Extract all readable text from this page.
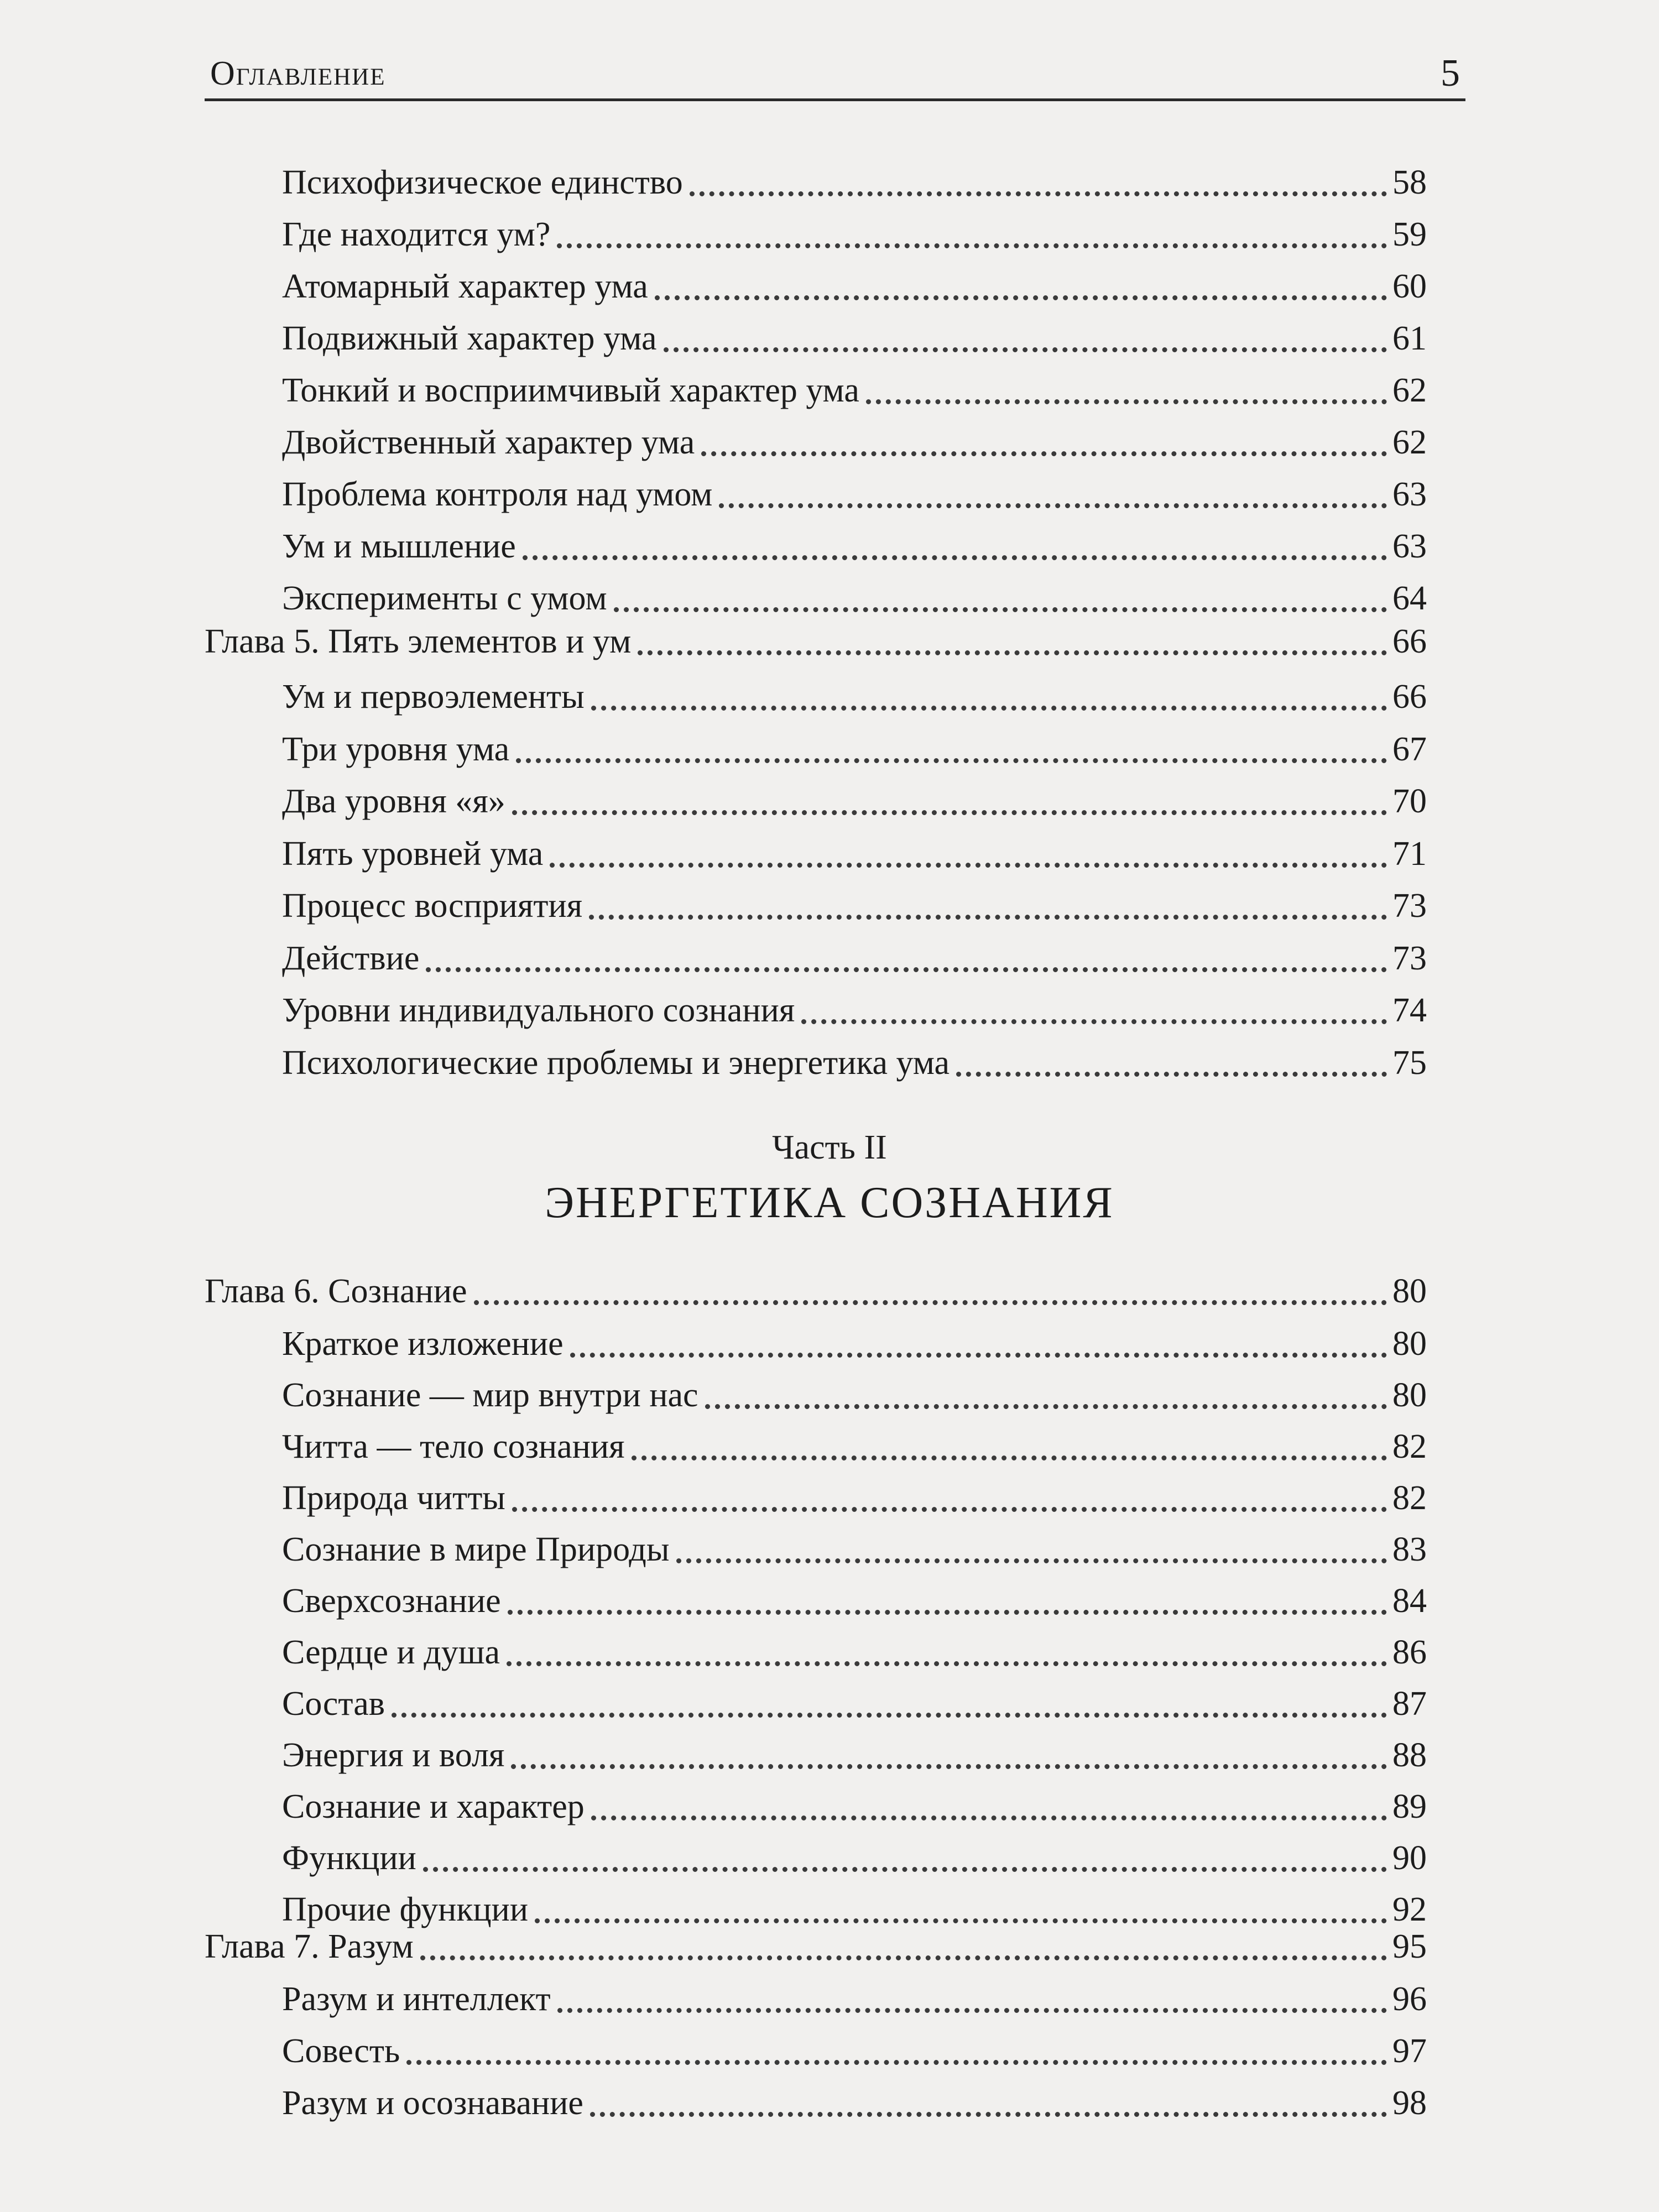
Оглавление	5
Психофизическое единство	58
Где находится ум?	59
Атомарный характер ума	60
Подвижный характер ума	61
Тонкий и восприимчивый характер ума	62
Двойственный характер ума	62
Проблема контроля над умом	63
Ум и мышление	63
Эксперименты с умом	64
Глава 5. Пять элементов и ум	66
Ум и первоэлементы	66
Три уровня ума	67
Два уровня «я»	70
Пять уровней ума	71
Процесс восприятия	73
Действие	73
Уровни индивидуального сознания	74
Психологические проблемы и энергетика ума	75
Глава 6. Сознание	80
Краткое изложение	80
Сознание — мир внутри нас	80
Читта — тело сознания	82
Природа читты	82
Сознание в мире Природы	83
Сверхсознание	84
Сердце и душа	86
Состав	87
Энергия и воля	88
Сознание и характер	89
Функции	90
Прочие функции	92
Глава 7. Разум	95
Разум и интеллект	96
Совесть	97
Разум и осознавание	98
Часть II
ЭНЕРГЕТИКА СОЗНАНИЯ
